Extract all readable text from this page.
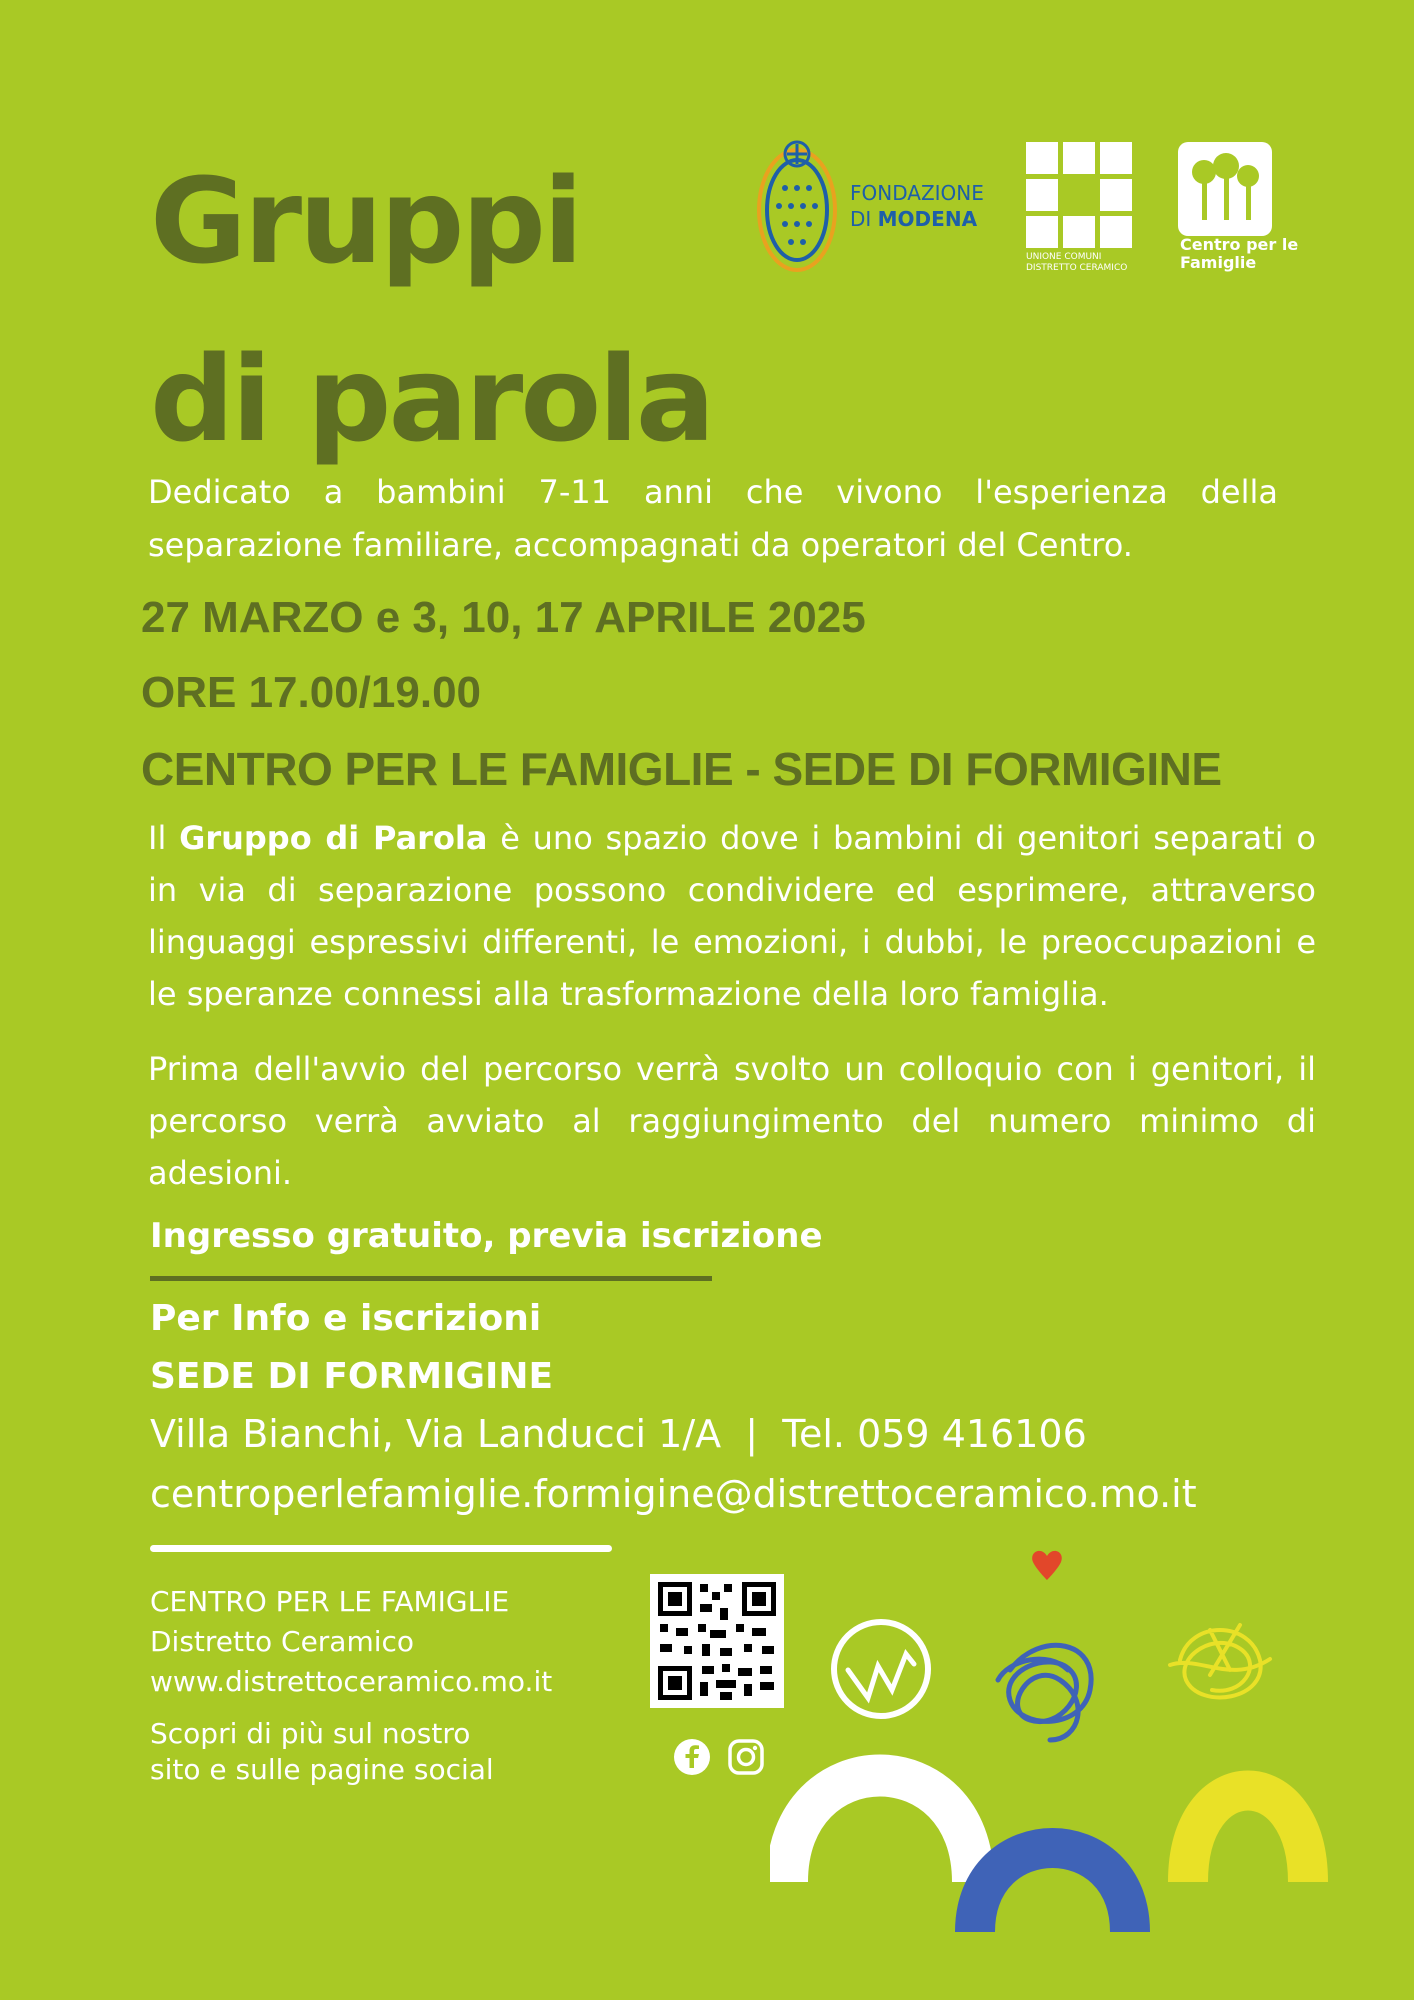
FONDAZIONE
DI MODENA
UNIONE COMUNI
DISTRETTO CERAMICO
Centro per le
Famiglie
Gruppi
di parola
Dedicato a bambini 7-11 anni che vivono l'esperienza della separazione familiare, accompagnati da operatori del Centro.
27 MARZO e 3, 10, 17 APRILE 2025
ORE 17.00/19.00
CENTRO PER LE FAMIGLIE - SEDE DI FORMIGINE
Il Gruppo di Parola è uno spazio dove i bambini di genitori separati o in via di separazione possono condividere ed esprimere, attraverso linguaggi espressivi differenti, le emozioni, i dubbi, le preoccupazioni e le speranze connessi alla trasformazione della loro famiglia.
Prima dell'avvio del percorso verrà svolto un colloquio con i genitori, il percorso verrà avviato al raggiungimento del numero minimo di adesioni.
Ingresso gratuito, previa iscrizione
Per Info e iscrizioni
SEDE DI FORMIGINE
Villa Bianchi, Via Landucci 1/A  |  Tel. 059 416106
centroperlefamiglie.formigine@distrettoceramico.mo.it
CENTRO PER LE FAMIGLIE
Distretto Ceramico
www.distrettoceramico.mo.it
Scopri di più sul nostro
sito e sulle pagine social
